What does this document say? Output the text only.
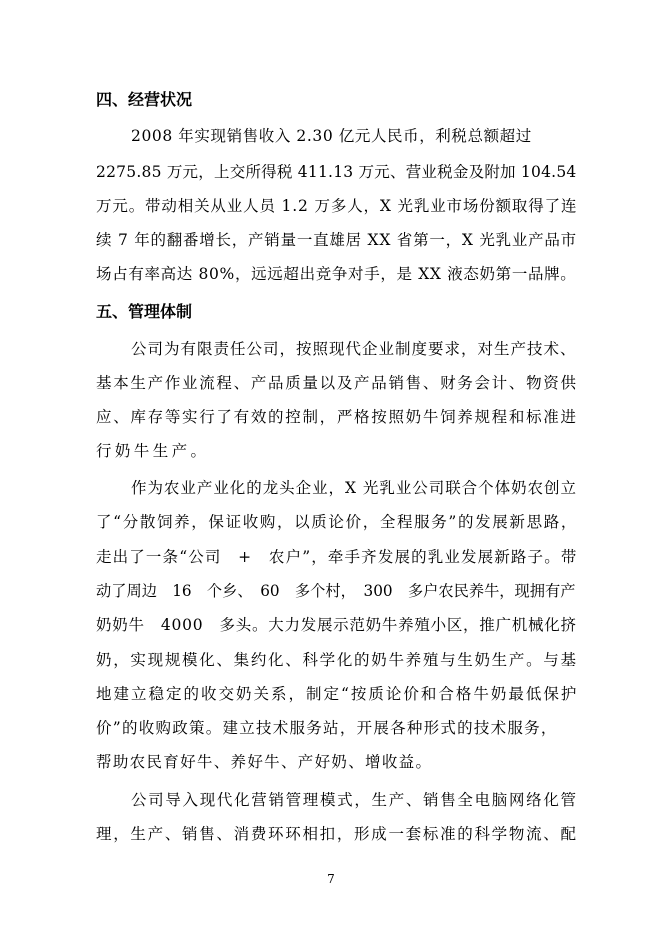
四、经营状况
2008 年实现销售收入 2.30 亿元人民币，利税总额超过
2275.85 万元，上交所得税 411.13 万元、营业税金及附加 104.54
万元。带动相关从业人员 1.2 万多人，X 光乳业市场份额取得了连
续 7 年的翻番增长，产销量一直雄居 XX 省第一，X 光乳业产品市
场占有率高达 80%，远远超出竞争对手，是 XX 液态奶第一品牌。
五、管理体制
公司为有限责任公司，按照现代企业制度要求，对生产技术、
基本生产作业流程、产品质量以及产品销售、财务会计、物资供
应、库存等实行了有效的控制，严格按照奶牛饲养规程和标准进
行奶牛生产。
作为农业产业化的龙头企业，X 光乳业公司联合个体奶农创立
了“分散饲养，保证收购，以质论价，全程服务”的发展新思路，
走出了一条“公司　+　农户”，牵手齐发展的乳业发展新路子。带
动了周边　16　个乡、　60　多个村，　300　多户农民养牛，现拥有产
奶奶牛　4000　多头。大力发展示范奶牛养殖小区，推广机械化挤
奶，实现规模化、集约化、科学化的奶牛养殖与生奶生产。与基
地建立稳定的收交奶关系，制定“按质论价和合格牛奶最低保护
价”的收购政策。建立技术服务站，开展各种形式的技术服务，
帮助农民育好牛、养好牛、产好奶、增收益。
公司导入现代化营销管理模式，生产、销售全电脑网络化管
理，生产、销售、消费环环相扣，形成一套标准的科学物流、配
7
